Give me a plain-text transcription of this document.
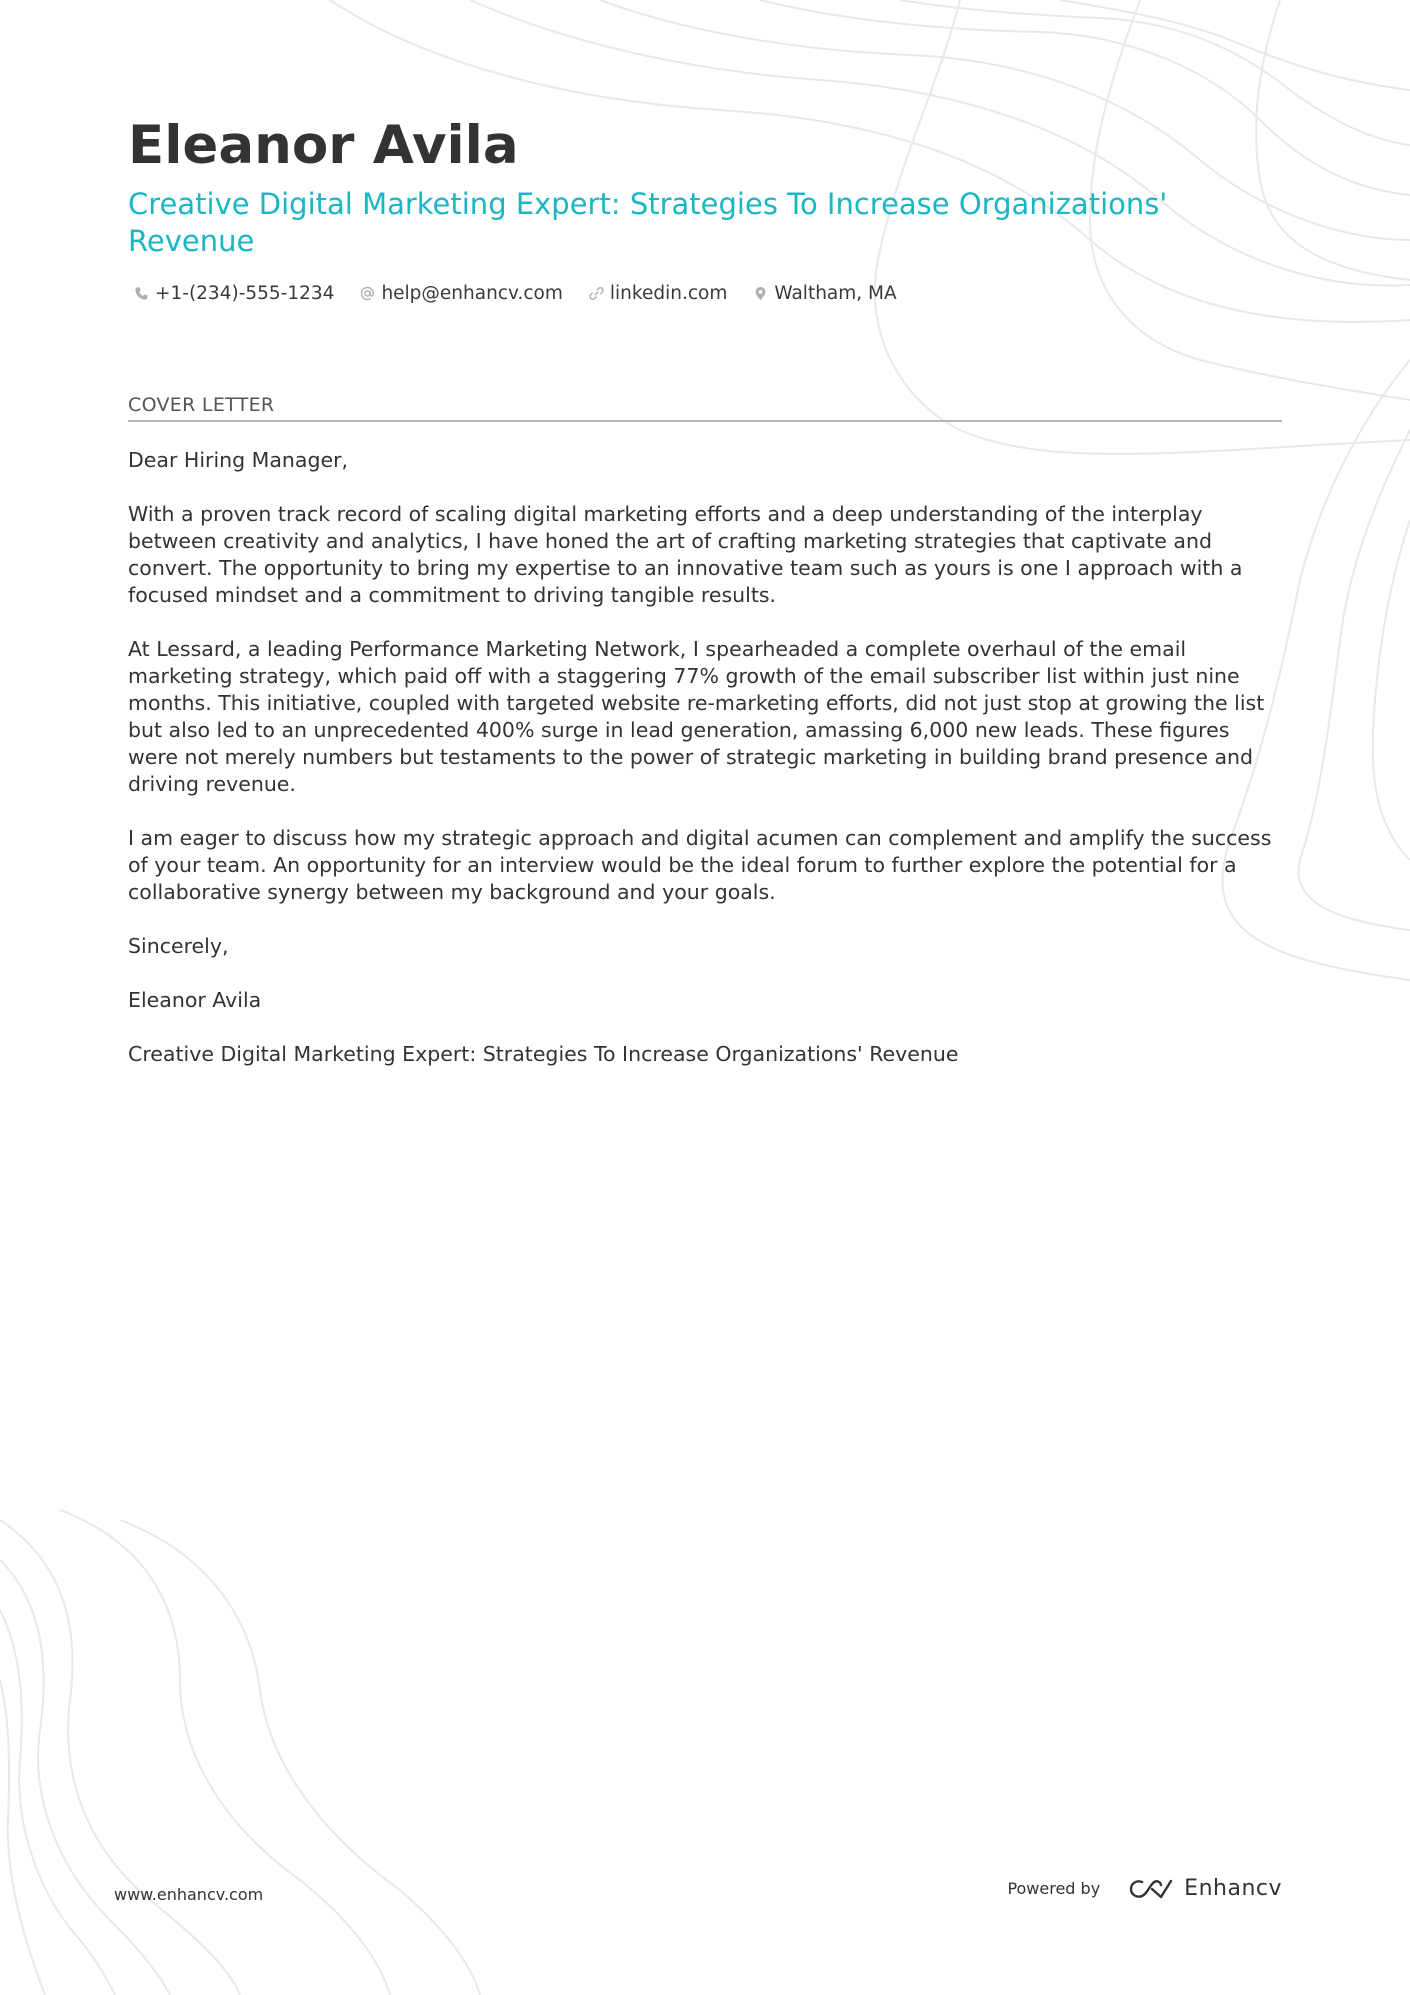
Eleanor Avila
Creative Digital Marketing Expert: Strategies To Increase Organizations' Revenue
+1-(234)-555-1234	help@enhancv.com	linkedin.com	Waltham, MA
COVER LETTER

Dear Hiring Manager,

With a proven track record of scaling digital marketing efforts and a deep understanding of the interplay between creativity and analytics, I have honed the art of crafting marketing strategies that captivate and convert. The opportunity to bring my expertise to an innovative team such as yours is one I approach with a focused mindset and a commitment to driving tangible results.

At Lessard, a leading Performance Marketing Network, I spearheaded a complete overhaul of the email marketing strategy, which paid off with a staggering 77% growth of the email subscriber list within just nine months. This initiative, coupled with targeted website re-marketing efforts, did not just stop at growing the list but also led to an unprecedented 400% surge in lead generation, amassing 6,000 new leads. These figures were not merely numbers but testaments to the power of strategic marketing in building brand presence and driving revenue.

I am eager to discuss how my strategic approach and digital acumen can complement and amplify the success of your team. An opportunity for an interview would be the ideal forum to further explore the potential for a collaborative synergy between my background and your goals.

Sincerely,

Eleanor Avila

Creative Digital Marketing Expert: Strategies To Increase Organizations' Revenue

www.enhancv.com	Powered by	Enhancv
